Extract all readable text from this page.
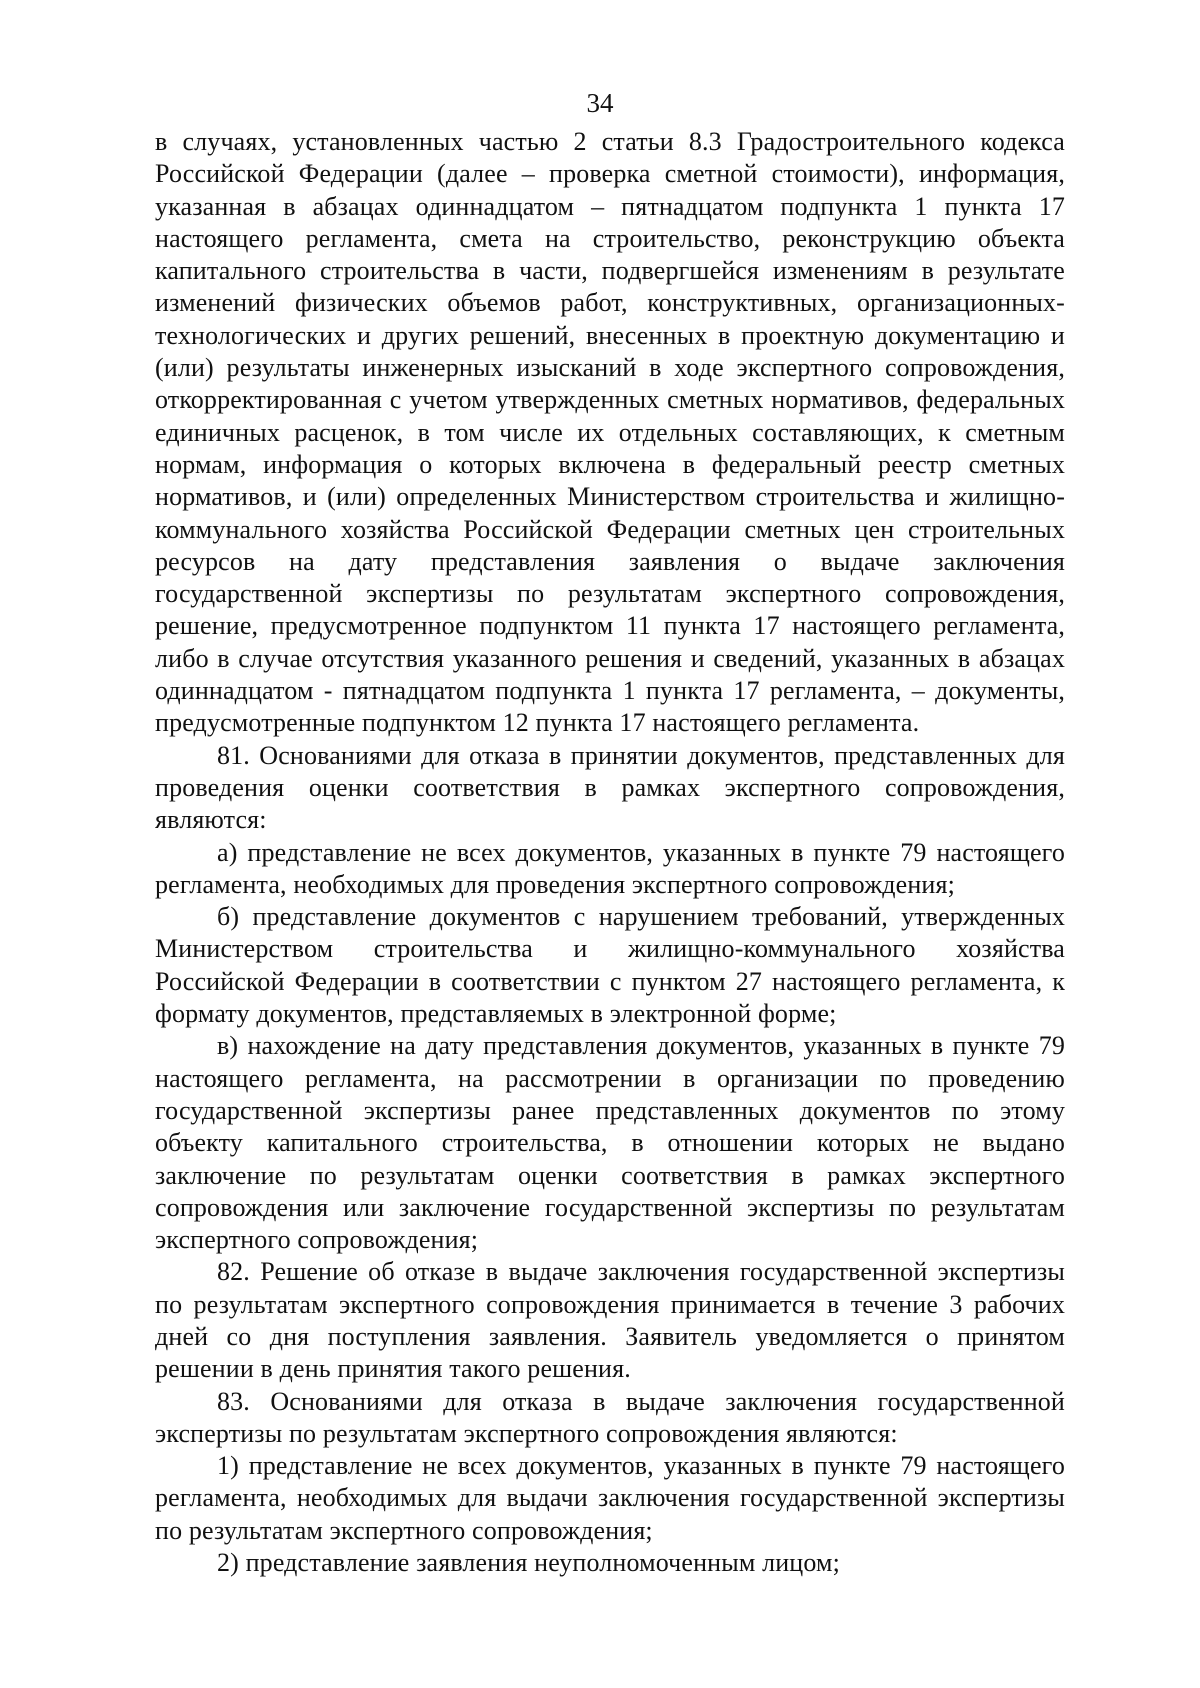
34

в случаях, установленных частью 2 статьи 8.3 Градостроительного кодекса Российской Федерации (далее – проверка сметной стоимости), информация, указанная в абзацах одиннадцатом – пятнадцатом подпункта 1 пункта 17 настоящего регламента, смета на строительство, реконструкцию объекта капитального строительства в части, подвергшейся изменениям в результате изменений физических объемов работ, конструктивных, организационных-технологических и других решений, внесенных в проектную документацию и (или) результаты инженерных изысканий в ходе экспертного сопровождения, откорректированная с учетом утвержденных сметных нормативов, федеральных единичных расценок, в том числе их отдельных составляющих, к сметным нормам, информация о которых включена в федеральный реестр сметных нормативов, и (или) определенных Министерством строительства и жилищно-коммунального хозяйства Российской Федерации сметных цен строительных ресурсов на дату представления заявления о выдаче заключения государственной экспертизы по результатам экспертного сопровождения, решение, предусмотренное подпунктом 11 пункта 17 настоящего регламента, либо в случае отсутствия указанного решения и сведений, указанных в абзацах одиннадцатом - пятнадцатом подпункта 1 пункта 17 регламента, – документы, предусмотренные подпунктом 12 пункта 17 настоящего регламента.

81. Основаниями для отказа в принятии документов, представленных для проведения оценки соответствия в рамках экспертного сопровождения, являются:

а) представление не всех документов, указанных в пункте 79 настоящего регламента, необходимых для проведения экспертного сопровождения;

б) представление документов с нарушением требований, утвержденных Министерством строительства и жилищно-коммунального хозяйства Российской Федерации в соответствии с пунктом 27 настоящего регламента, к формату документов, представляемых в электронной форме;

в) нахождение на дату представления документов, указанных в пункте 79 настоящего регламента, на рассмотрении в организации по проведению государственной экспертизы ранее представленных документов по этому объекту капитального строительства, в отношении которых не выдано заключение по результатам оценки соответствия в рамках экспертного сопровождения или заключение государственной экспертизы по результатам экспертного сопровождения;

82. Решение об отказе в выдаче заключения государственной экспертизы по результатам экспертного сопровождения принимается в течение 3 рабочих дней со дня поступления заявления. Заявитель уведомляется о принятом решении в день принятия такого решения.

83. Основаниями для отказа в выдаче заключения государственной экспертизы по результатам экспертного сопровождения являются:

1) представление не всех документов, указанных в пункте 79 настоящего регламента, необходимых для выдачи заключения государственной экспертизы по результатам экспертного сопровождения;

2) представление заявления неуполномоченным лицом;
